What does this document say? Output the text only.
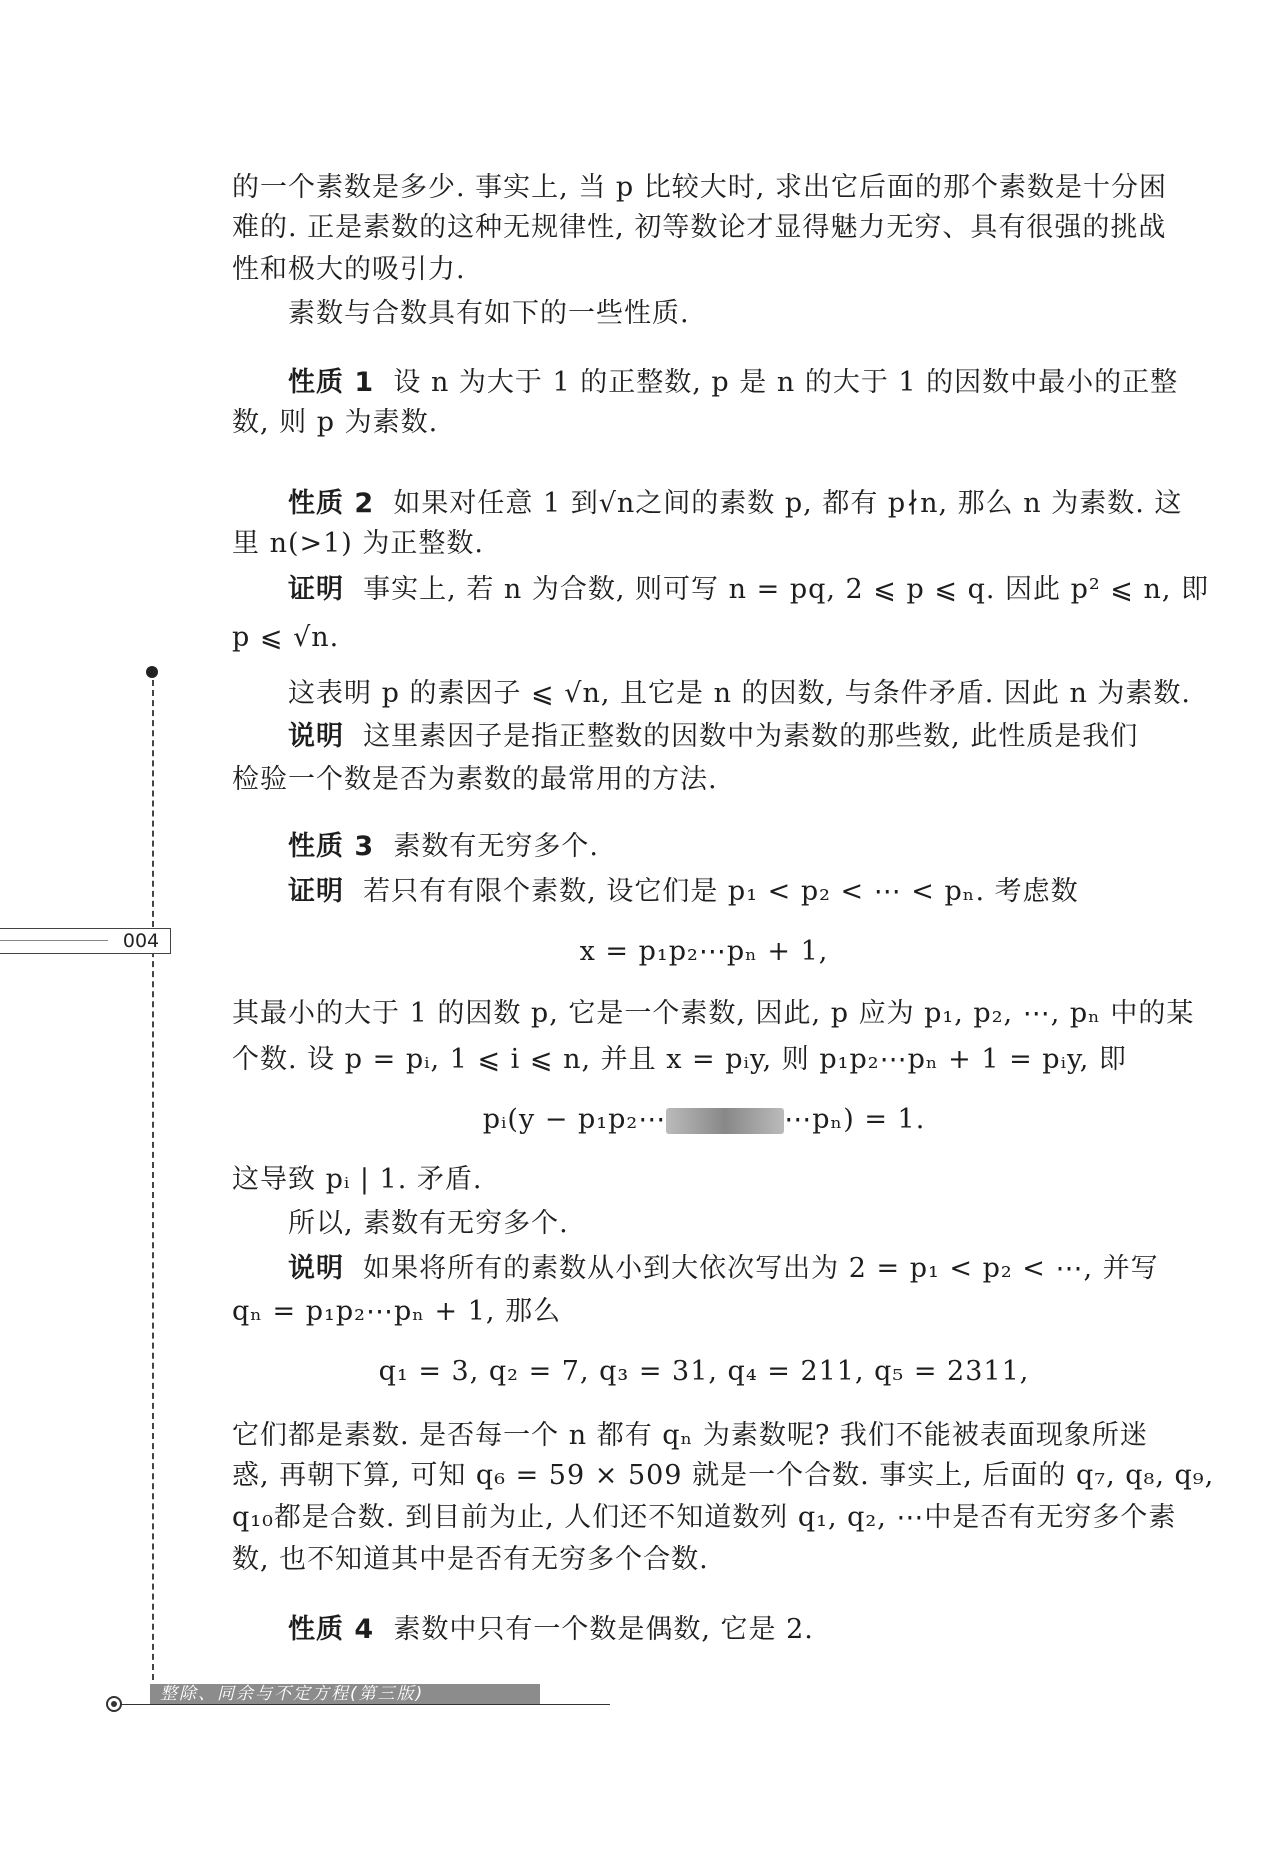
004
整除、同余与不定方程(第三版)
的一个素数是多少. 事实上, 当 p 比较大时, 求出它后面的那个素数是十分困
难的. 正是素数的这种无规律性, 初等数论才显得魅力无穷、具有很强的挑战
性和极大的吸引力.
素数与合数具有如下的一些性质.
性质 1 设 n 为大于 1 的正整数, p 是 n 的大于 1 的因数中最小的正整
数, 则 p 为素数.
性质 2 如果对任意 1 到√n之间的素数 p, 都有 p∤n, 那么 n 为素数. 这
里 n(>1) 为正整数.
证明 事实上, 若 n 为合数, 则可写 n = pq, 2 ⩽ p ⩽ q. 因此 p² ⩽ n, 即
p ⩽ √n.
这表明 p 的素因子 ⩽ √n, 且它是 n 的因数, 与条件矛盾. 因此 n 为素数.
说明 这里素因子是指正整数的因数中为素数的那些数, 此性质是我们
检验一个数是否为素数的最常用的方法.
性质 3 素数有无穷多个.
证明 若只有有限个素数, 设它们是 p₁ < p₂ < ⋯ < pₙ. 考虑数
x = p₁p₂⋯pₙ + 1,
其最小的大于 1 的因数 p, 它是一个素数, 因此, p 应为 p₁, p₂, ⋯, pₙ 中的某
个数. 设 p = pᵢ, 1 ⩽ i ⩽ n, 并且 x = pᵢy, 则 p₁p₂⋯pₙ + 1 = pᵢy, 即
pᵢ(y − p₁p₂⋯	⋯pₙ) = 1.
这导致 pᵢ | 1. 矛盾.
所以, 素数有无穷多个.
说明 如果将所有的素数从小到大依次写出为 2 = p₁ < p₂ < ⋯, 并写
qₙ = p₁p₂⋯pₙ + 1, 那么
q₁ = 3, q₂ = 7, q₃ = 31, q₄ = 211, q₅ = 2311,
它们都是素数. 是否每一个 n 都有 qₙ 为素数呢? 我们不能被表面现象所迷
惑, 再朝下算, 可知 q₆ = 59 × 509 就是一个合数. 事实上, 后面的 q₇, q₈, q₉,
q₁₀都是合数. 到目前为止, 人们还不知道数列 q₁, q₂, ⋯中是否有无穷多个素
数, 也不知道其中是否有无穷多个合数.
性质 4 素数中只有一个数是偶数, 它是 2.
